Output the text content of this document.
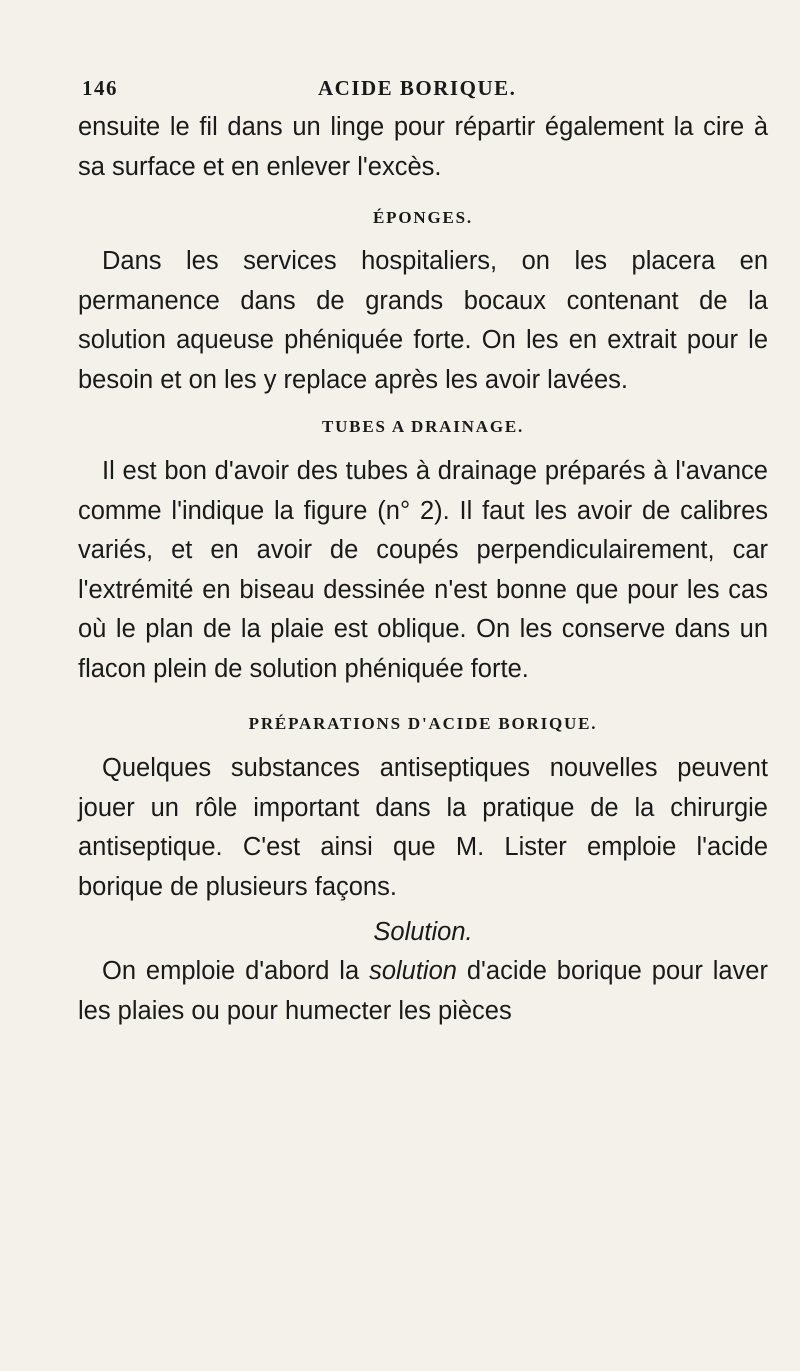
146	ACIDE BORIQUE.

ensuite le fil dans un linge pour répartir également la cire à sa surface et en enlever l'excès.

ÉPONGES.

Dans les services hospitaliers, on les placera en permanence dans de grands bocaux contenant de la solution aqueuse phéniquée forte. On les en extrait pour le besoin et on les y replace après les avoir lavées.

TUBES A DRAINAGE.

Il est bon d'avoir des tubes à drainage préparés à l'avance comme l'indique la figure (n° 2). Il faut les avoir de calibres variés, et en avoir de coupés perpendiculairement, car l'extrémité en biseau dessinée n'est bonne que pour les cas où le plan de la plaie est oblique. On les conserve dans un flacon plein de solution phéniquée forte.

PRÉPARATIONS D'ACIDE BORIQUE.

Quelques substances antiseptiques nouvelles peuvent jouer un rôle important dans la pratique de la chirurgie antiseptique. C'est ainsi que M. Lister emploie l'acide borique de plusieurs façons.

Solution.

On emploie d'abord la solution d'acide borique pour laver les plaies ou pour humecter les pièces
